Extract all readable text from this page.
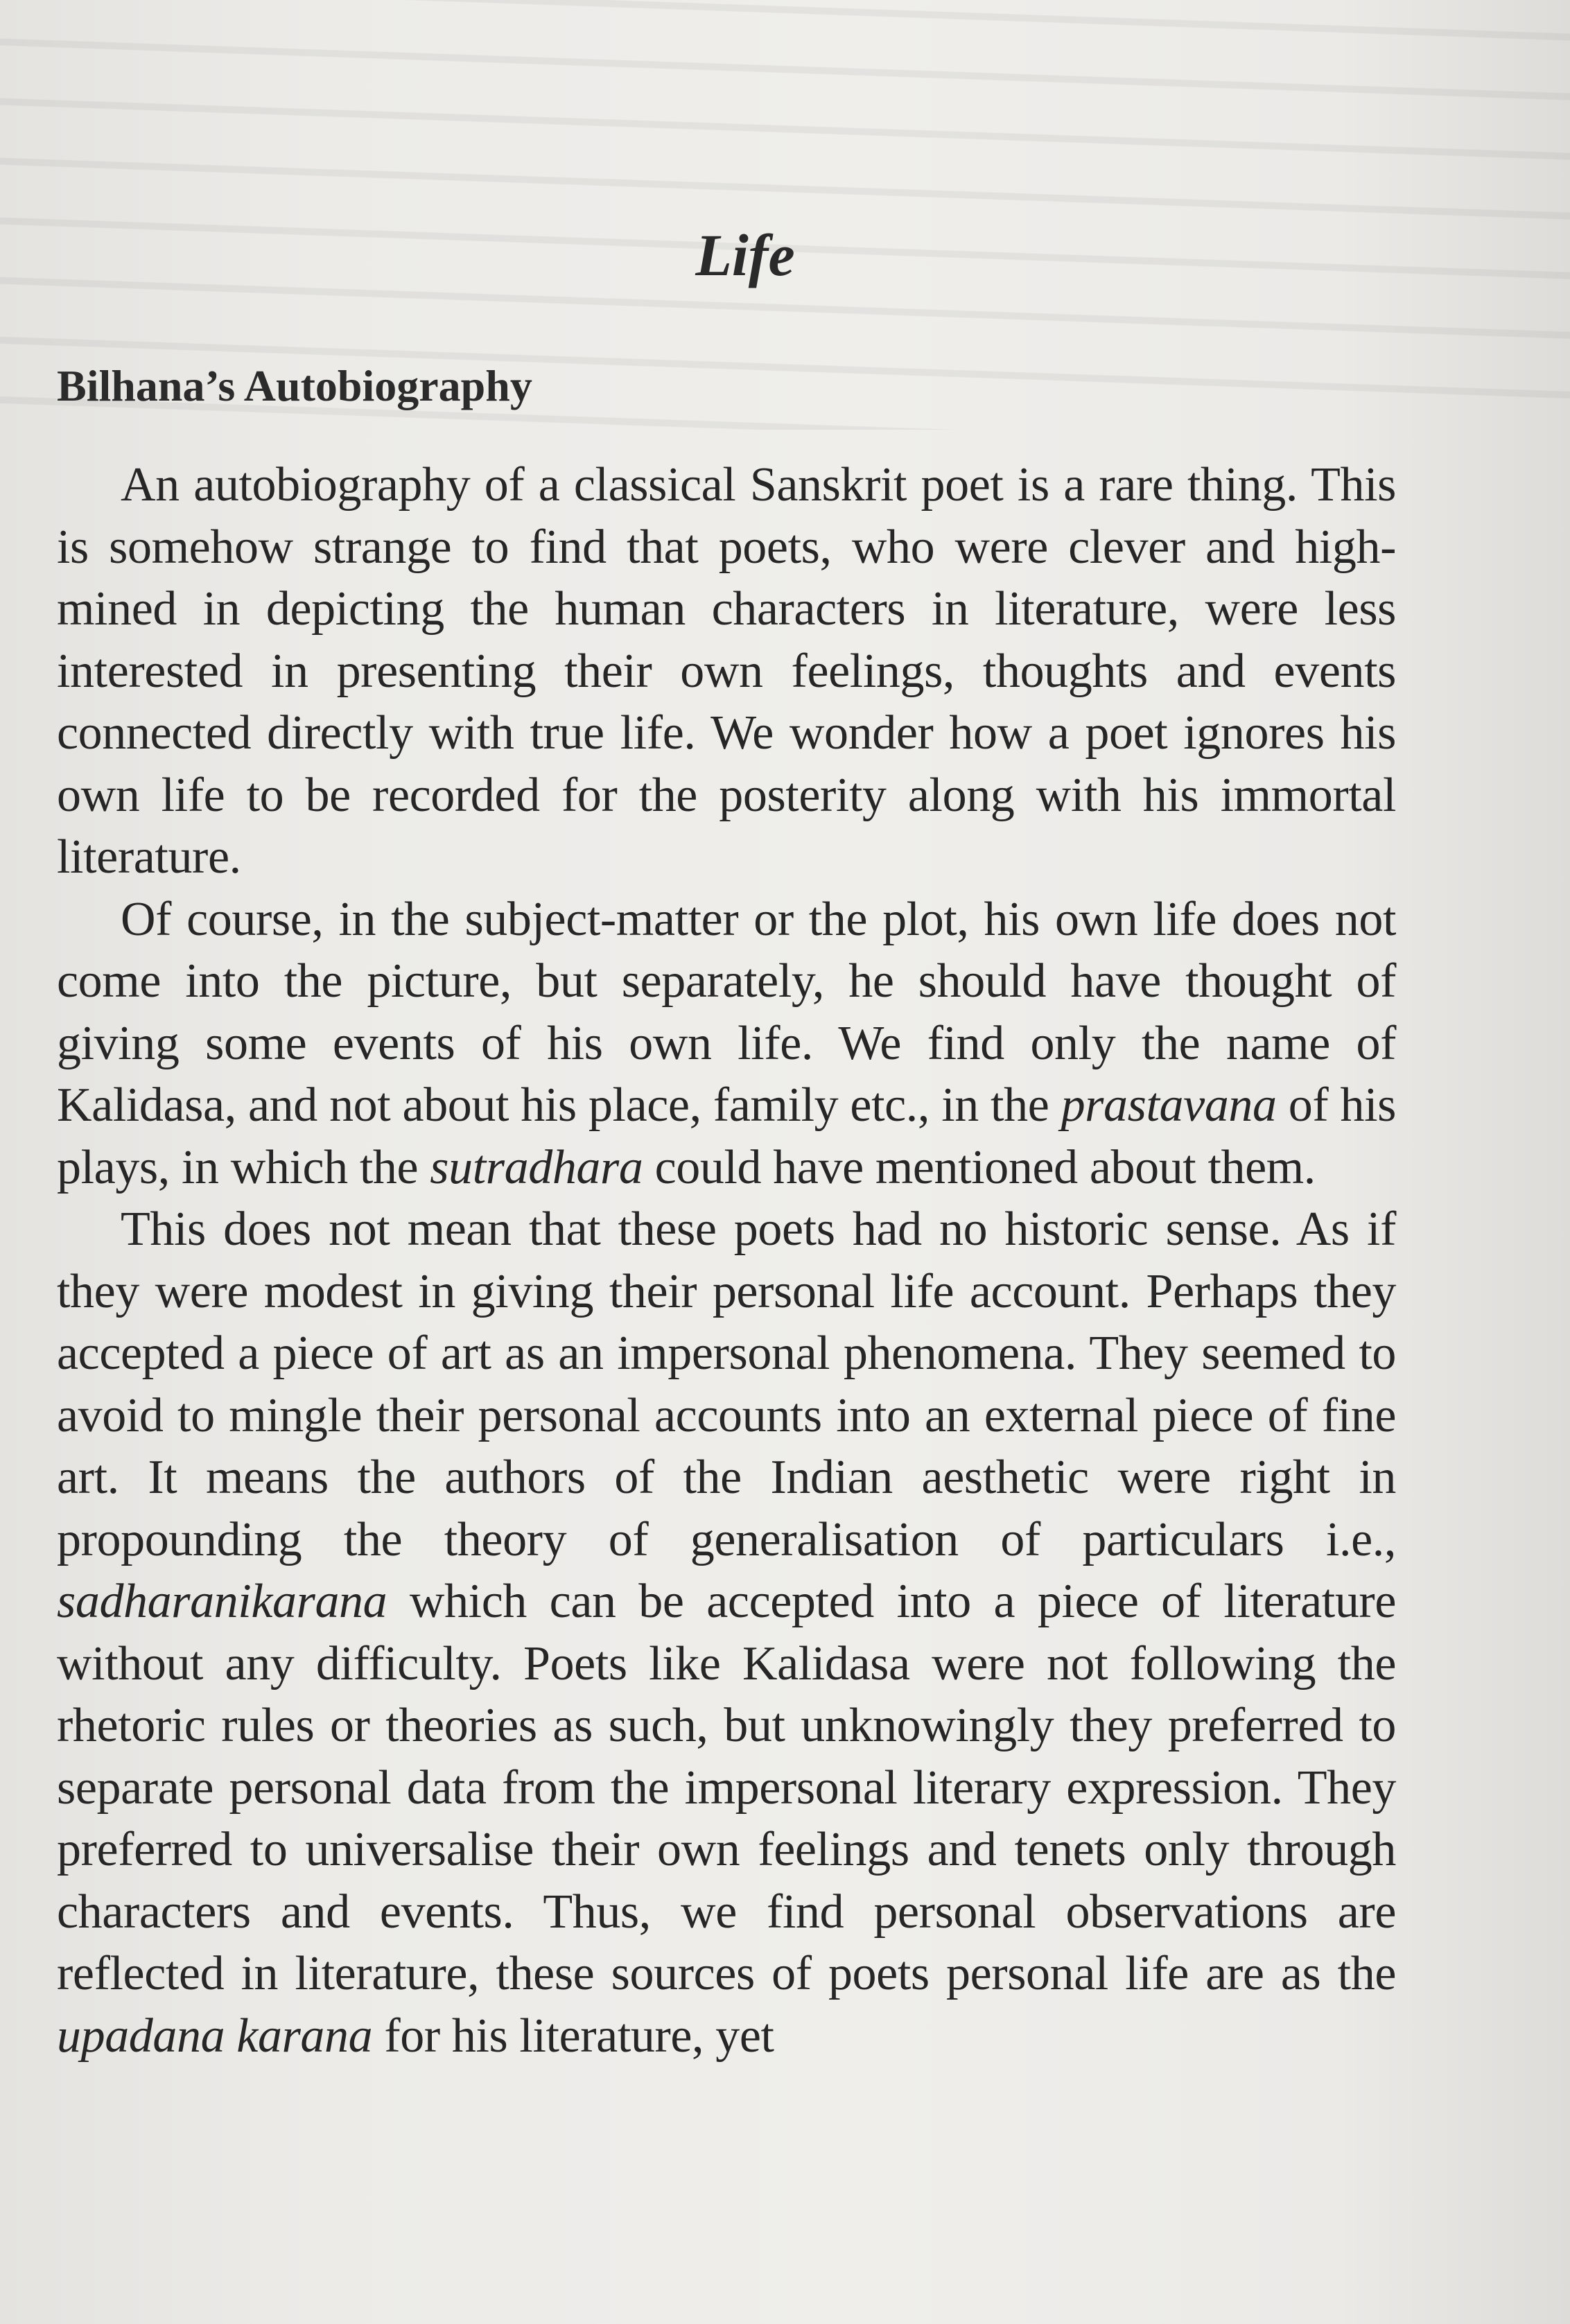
Life
Bilhana’s Autobiography

An autobiography of a classical Sanskrit poet is a rare thing. This is somehow strange to find that poets, who were clever and high-mined in depicting the human characters in literature, were less interested in presenting their own feelings, thoughts and events connected directly with true life. We wonder how a poet ignores his own life to be recorded for the posterity along with his immortal literature.

Of course, in the subject-matter or the plot, his own life does not come into the picture, but separately, he should have thought of giving some events of his own life. We find only the name of Kalidasa, and not about his place, family etc., in the prastavana of his plays, in which the sutradhara could have mentioned about them.

This does not mean that these poets had no historic sense. As if they were modest in giving their personal life account. Perhaps they accepted a piece of art as an impersonal phenomena. They seemed to avoid to mingle their personal accounts into an external piece of fine art. It means the authors of the Indian aesthetic were right in propounding the theory of generalisation of particulars i.e., sadharanikarana which can be accepted into a piece of literature without any difficulty. Poets like Kalidasa were not following the rhetoric rules or theories as such, but unknowingly they preferred to separate personal data from the impersonal literary expression. They preferred to universalise their own feelings and tenets only through characters and events. Thus, we find personal observations are reflected in literature, these sources of poets personal life are as the upadana karana for his literature, yet
